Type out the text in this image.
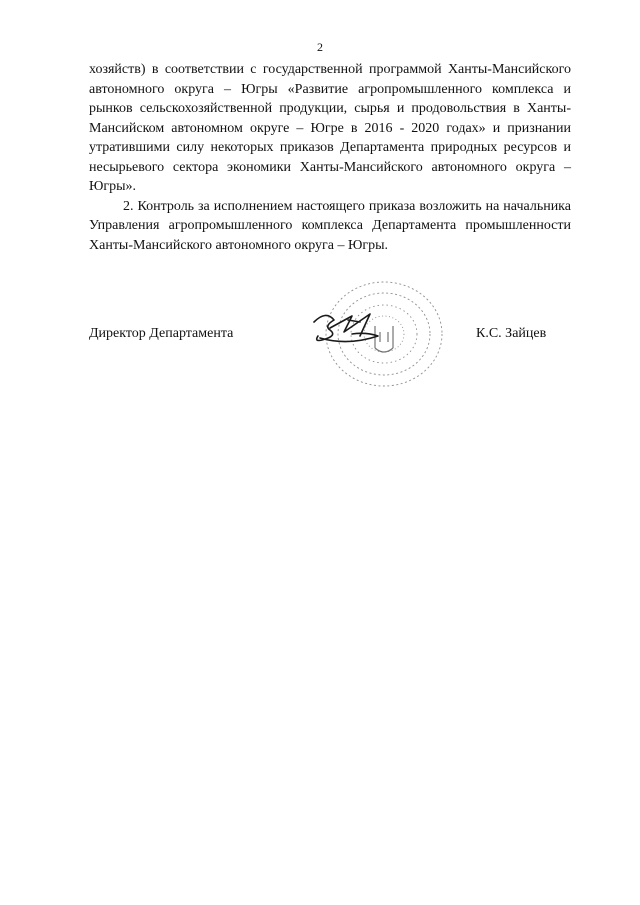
2

хозяйств) в соответствии с государственной программой Ханты-Мансийского автономного округа – Югры «Развитие агропромышленного комплекса и рынков сельскохозяйственной продукции, сырья и продовольствия в Ханты-Мансийском автономном округе – Югре в 2016 - 2020 годах» и признании утратившими силу некоторых приказов Департамента природных ресурсов и несырьевого сектора экономики Ханты-Мансийского автономного округа – Югры».

2. Контроль за исполнением настоящего приказа возложить на начальника Управления агропромышленного комплекса Департамента промышленности Ханты-Мансийского автономного округа – Югры.

Директор Департамента	К.С. Зайцев
